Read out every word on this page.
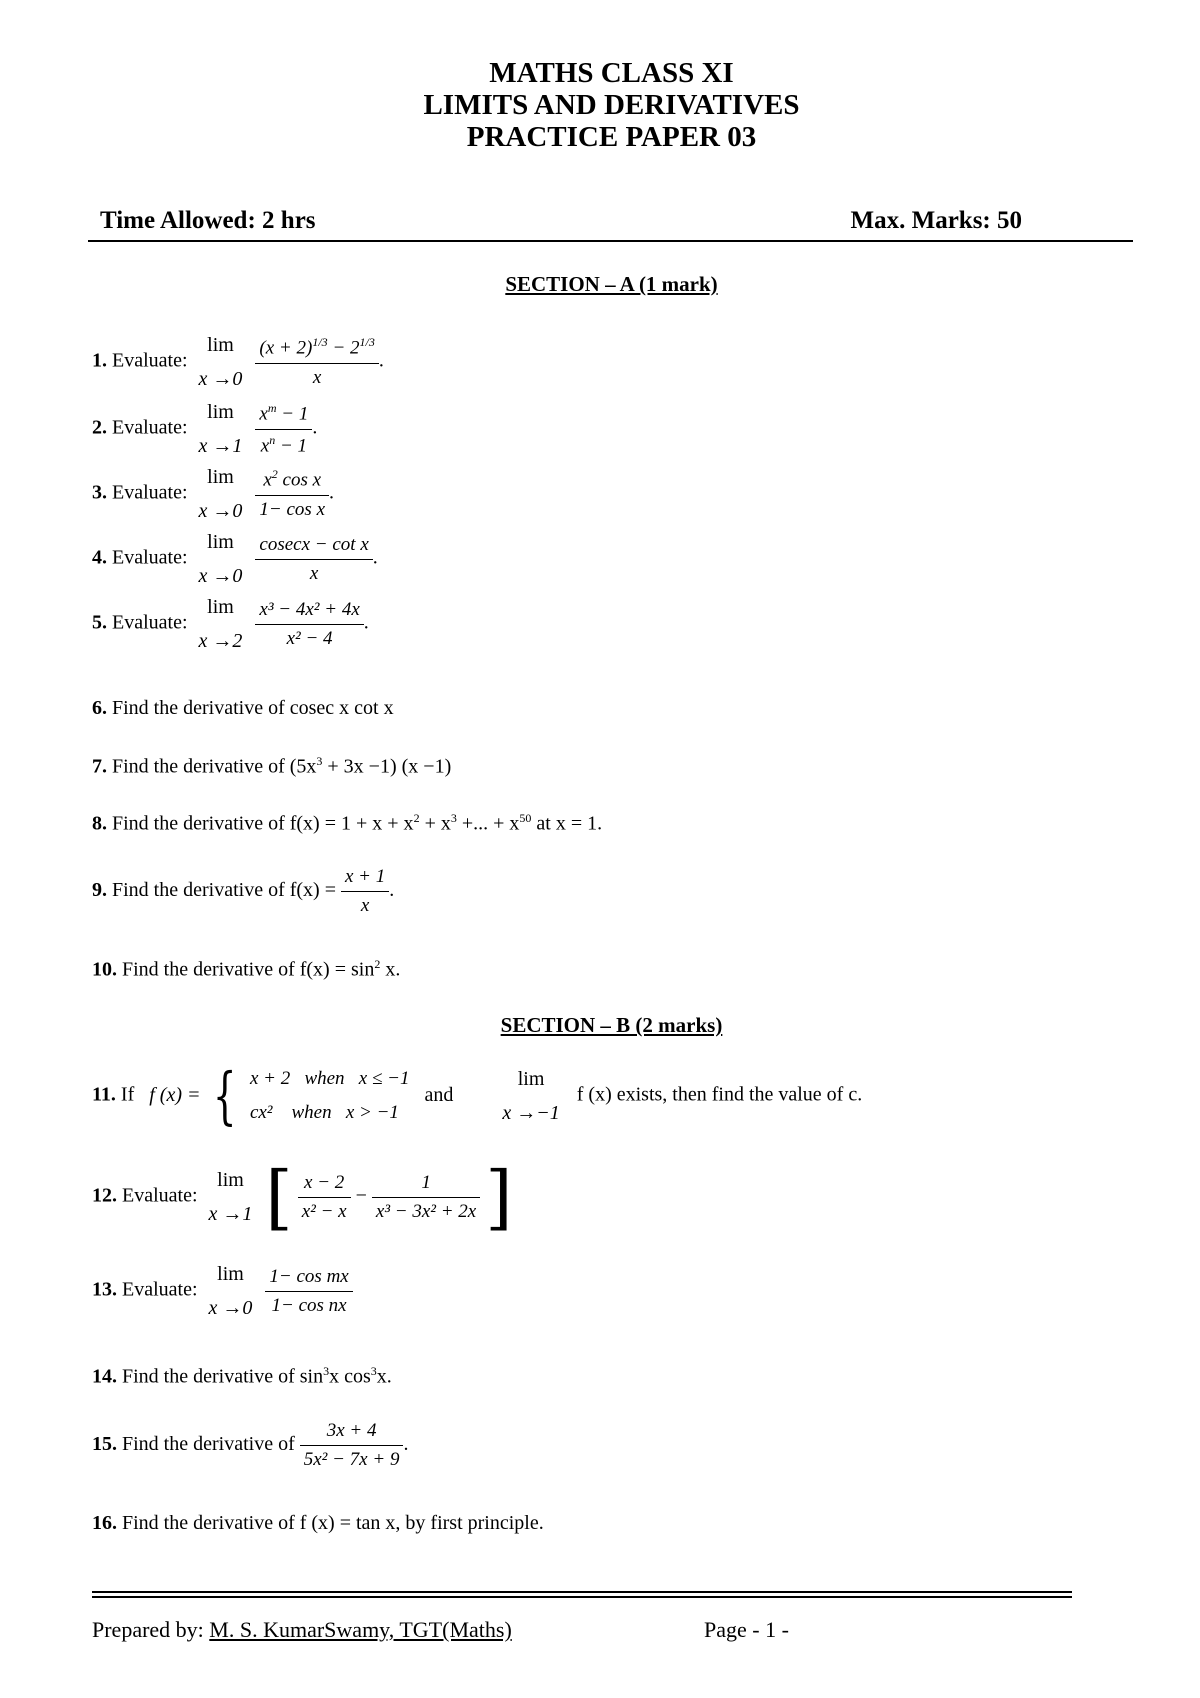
MATHS CLASS XI
LIMITS AND DERIVATIVES
PRACTICE PAPER 03
Time Allowed: 2 hrs	Max. Marks: 50
SECTION – A (1 mark)
1. Evaluate: lim
$x \to 0 \frac{(x + 2)^{1/3} - 2^{1/3}}{x}$ .
2. Evaluate: lim
$x \to 1 \frac{x^m - 1}{x^n - 1}$ .
3. Evaluate: lim
$x \to 0 \frac{x^2 \cos x}{\text{1− cos x}}$ .
4. Evaluate: lim
$x \to 0 \frac{\text{cosecx − cot x}}{x}$ .
5. Evaluate: lim
$x \to 2 \frac{\text{x³ − 4x² + 4x}}{\text{x² − 4}}$ .
6. Find the derivative of cosec x cot x
7. Find the derivative of $(5x^3 + 3x -1)$ (x −1)
8. Find the derivative of $f(x) = 1 + x + x^2 + x^3$ +... + $x^{50}$ at x = 1.
9. Find the derivative of $f(x) = \frac{x + 1}{x}$ .
10. Find the derivative of $f(x) = \sin^2 x$.
SECTION – B (2 marks)
11. If f (x) = { x + 2   when   x ≤ −1
cx²    when   x > −1 and lim
x →−1 f (x) exists, then find the value of c.
12. Evaluate: lim
x →1 [ $\frac{x - 2}{\text{x² − x}} - \frac{1}{\text{x³ − 3x² + 2x}}$ ]
13. Evaluate: lim
$x \to 0 \frac{\text{1− cos mx}}{\text{1− cos nx}}$
14. Find the derivative of $\sin^3x$ $\cos^3x$.
15. Find the derivative of $\frac{3x + 4}{\text{5x² − 7x + 9}}$ .
16. Find the derivative of f (x) = tan x, by first principle.
Prepared by: M. S. KumarSwamy, TGT(Maths)	Page - 1 -
